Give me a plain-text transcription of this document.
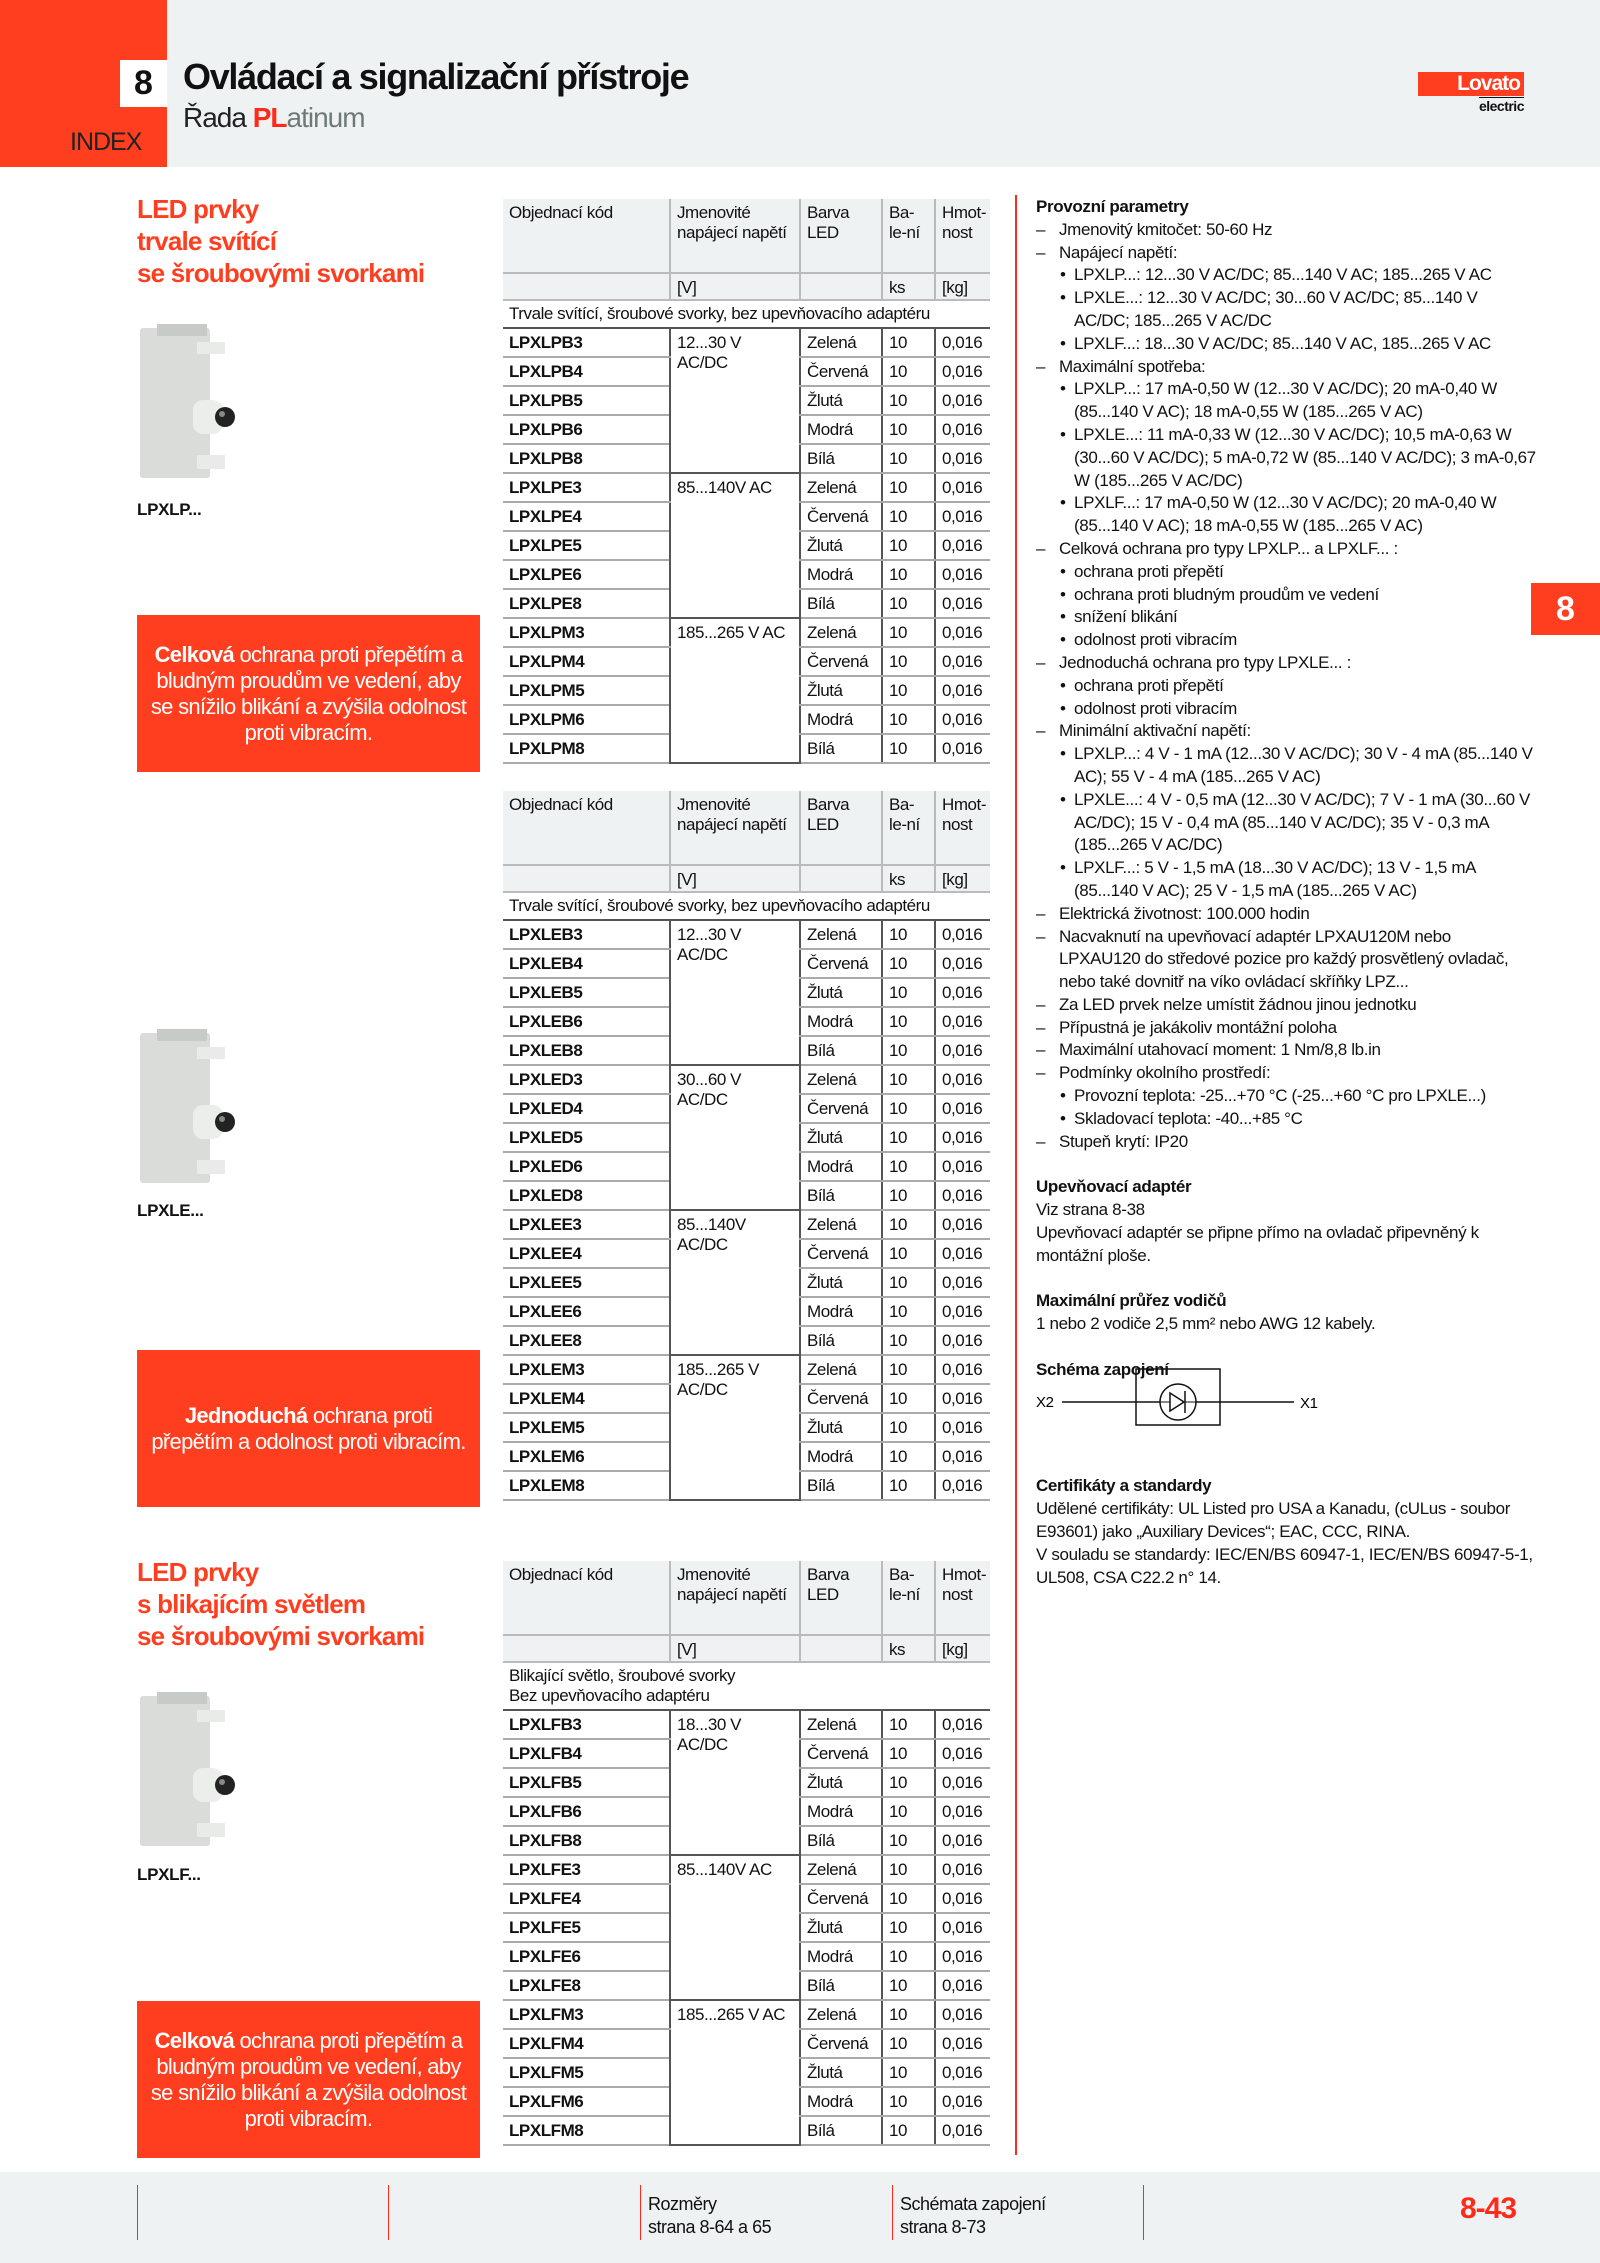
8
INDEX
Ovládací a signalizační přístroje
Řada PLatinum
Lovato
electric
LED prvky
trvale svítící
se šroubovými svorkami
LPXLP...
Celková ochrana proti přepětím a bludným proudům ve vedení, aby se snížilo blikání a zvýšila odolnost proti vibracím.
LPXLE...
Jednoduchá ochrana proti přepětím a odolnost proti vibracím.
LED prvky
s blikajícím světlem
se šroubovými svorkami
LPXLF...
Celková ochrana proti přepětím a bludným proudům ve vedení, aby se snížilo blikání a zvýšila odolnost proti vibracím.
Objednací kód	Jmenovité napájecí napětí	Barva LED	Ba-le-ní	Hmot-nost
	[V]		ks	[kg]
Trvale svítící, šroubové svorky, bez upevňovacího adaptéru				
LPXLPB3	12...30 V AC/DC	Zelená	10	0,016
LPXLPB4		Červená	10	0,016
LPXLPB5		Žlutá	10	0,016
LPXLPB6		Modrá	10	0,016
LPXLPB8		Bílá	10	0,016
LPXLPE3	85...140V AC	Zelená	10	0,016
LPXLPE4		Červená	10	0,016
LPXLPE5		Žlutá	10	0,016
LPXLPE6		Modrá	10	0,016
LPXLPE8		Bílá	10	0,016
LPXLPM3	185...265 V AC	Zelená	10	0,016
LPXLPM4		Červená	10	0,016
LPXLPM5		Žlutá	10	0,016
LPXLPM6		Modrá	10	0,016
LPXLPM8		Bílá	10	0,016
Objednací kód	Jmenovité napájecí napětí	Barva LED	Ba-le-ní	Hmot-nost
	[V]		ks	[kg]
Trvale svítící, šroubové svorky, bez upevňovacího adaptéru				
LPXLEB3	12...30 V AC/DC	Zelená	10	0,016
LPXLEB4		Červená	10	0,016
LPXLEB5		Žlutá	10	0,016
LPXLEB6		Modrá	10	0,016
LPXLEB8		Bílá	10	0,016
LPXLED3	30...60 V AC/DC	Zelená	10	0,016
LPXLED4		Červená	10	0,016
LPXLED5		Žlutá	10	0,016
LPXLED6		Modrá	10	0,016
LPXLED8		Bílá	10	0,016
LPXLEE3	85...140V AC/DC	Zelená	10	0,016
LPXLEE4		Červená	10	0,016
LPXLEE5		Žlutá	10	0,016
LPXLEE6		Modrá	10	0,016
LPXLEE8		Bílá	10	0,016
LPXLEM3	185...265 V AC/DC	Zelená	10	0,016
LPXLEM4		Červená	10	0,016
LPXLEM5		Žlutá	10	0,016
LPXLEM6		Modrá	10	0,016
LPXLEM8		Bílá	10	0,016
Objednací kód	Jmenovité napájecí napětí	Barva LED	Ba-le-ní	Hmot-nost
	[V]		ks	[kg]
Blikající světlo, šroubové svorky
Bez upevňovacího adaptéru				
LPXLFB3	18...30 V AC/DC	Zelená	10	0,016
LPXLFB4		Červená	10	0,016
LPXLFB5		Žlutá	10	0,016
LPXLFB6		Modrá	10	0,016
LPXLFB8		Bílá	10	0,016
LPXLFE3	85...140V AC	Zelená	10	0,016
LPXLFE4		Červená	10	0,016
LPXLFE5		Žlutá	10	0,016
LPXLFE6		Modrá	10	0,016
LPXLFE8		Bílá	10	0,016
LPXLFM3	185...265 V AC	Zelená	10	0,016
LPXLFM4		Červená	10	0,016
LPXLFM5		Žlutá	10	0,016
LPXLFM6		Modrá	10	0,016
LPXLFM8		Bílá	10	0,016
Provozní parametry
– Jmenovitý kmitočet: 50-60 Hz
– Napájecí napětí:
• LPXLP...: 12...30 V AC/DC; 85...140 V AC; 185...265 V AC
• LPXLE...: 12...30 V AC/DC; 30...60 V AC/DC; 85...140 V AC/DC; 185...265 V AC/DC
• LPXLF...: 18...30 V AC/DC; 85...140 V AC, 185...265 V AC
– Maximální spotřeba:
• LPXLP...: 17 mA-0,50 W (12...30 V AC/DC); 20 mA-0,40 W (85...140 V AC); 18 mA-0,55 W (185...265 V AC)
• LPXLE...: 11 mA-0,33 W (12...30 V AC/DC); 10,5 mA-0,63 W (30...60 V AC/DC); 5 mA-0,72 W (85...140 V AC/DC); 3 mA-0,67 W (185...265 V AC/DC)
• LPXLF...: 17 mA-0,50 W (12...30 V AC/DC); 20 mA-0,40 W (85...140 V AC); 18 mA-0,55 W (185...265 V AC)
– Celková ochrana pro typy LPXLP... a LPXLF... :
• ochrana proti přepětí
• ochrana proti bludným proudům ve vedení
• snížení blikání
• odolnost proti vibracím
– Jednoduchá ochrana pro typy LPXLE... :
• ochrana proti přepětí
• odolnost proti vibracím
– Minimální aktivační napětí:
• LPXLP...: 4 V - 1 mA (12...30 V AC/DC); 30 V - 4 mA (85...140 V AC); 55 V - 4 mA (185...265 V AC)
• LPXLE...: 4 V - 0,5 mA (12...30 V AC/DC); 7 V - 1 mA (30...60 V AC/DC); 15 V - 0,4 mA (85...140 V AC/DC); 35 V - 0,3 mA (185...265 V AC/DC)
• LPXLF...: 5 V - 1,5 mA (18...30 V AC/DC); 13 V - 1,5 mA (85...140 V AC); 25 V - 1,5 mA (185...265 V AC)
– Elektrická životnost: 100.000 hodin
– Nacvaknutí na upevňovací adaptér LPXAU120M nebo LPXAU120 do středové pozice pro každý prosvětlený ovladač, nebo také dovnitř na víko ovládací skříňky LPZ...
– Za LED prvek nelze umístit žádnou jinou jednotku
– Přípustná je jakákoliv montážní poloha
– Maximální utahovací moment: 1 Nm/8,8 lb.in
– Podmínky okolního prostředí:
• Provozní teplota: -25...+70 °C (-25...+60 °C pro LPXLE...)
• Skladovací teplota: -40...+85 °C
– Stupeň krytí: IP20
Upevňovací adaptér
Viz strana 8-38
Upevňovací adaptér se připne přímo na ovladač připevněný k montážní ploše.
Maximální průřez vodičů
1 nebo 2 vodiče 2,5 mm² nebo AWG 12 kabely.
Schéma zapojení
X2	X1
Certifikáty a standardy
Udělené certifikáty: UL Listed pro USA a Kanadu, (cULus - soubor E93601) jako „Auxiliary Devices“; EAC, CCC, RINA.
V souladu se standardy: IEC/EN/BS 60947-1, IEC/EN/BS 60947-5-1, UL508, CSA C22.2 n° 14.
8
Rozměry
strana 8-64 a 65
Schémata zapojení
strana 8-73
8-43
